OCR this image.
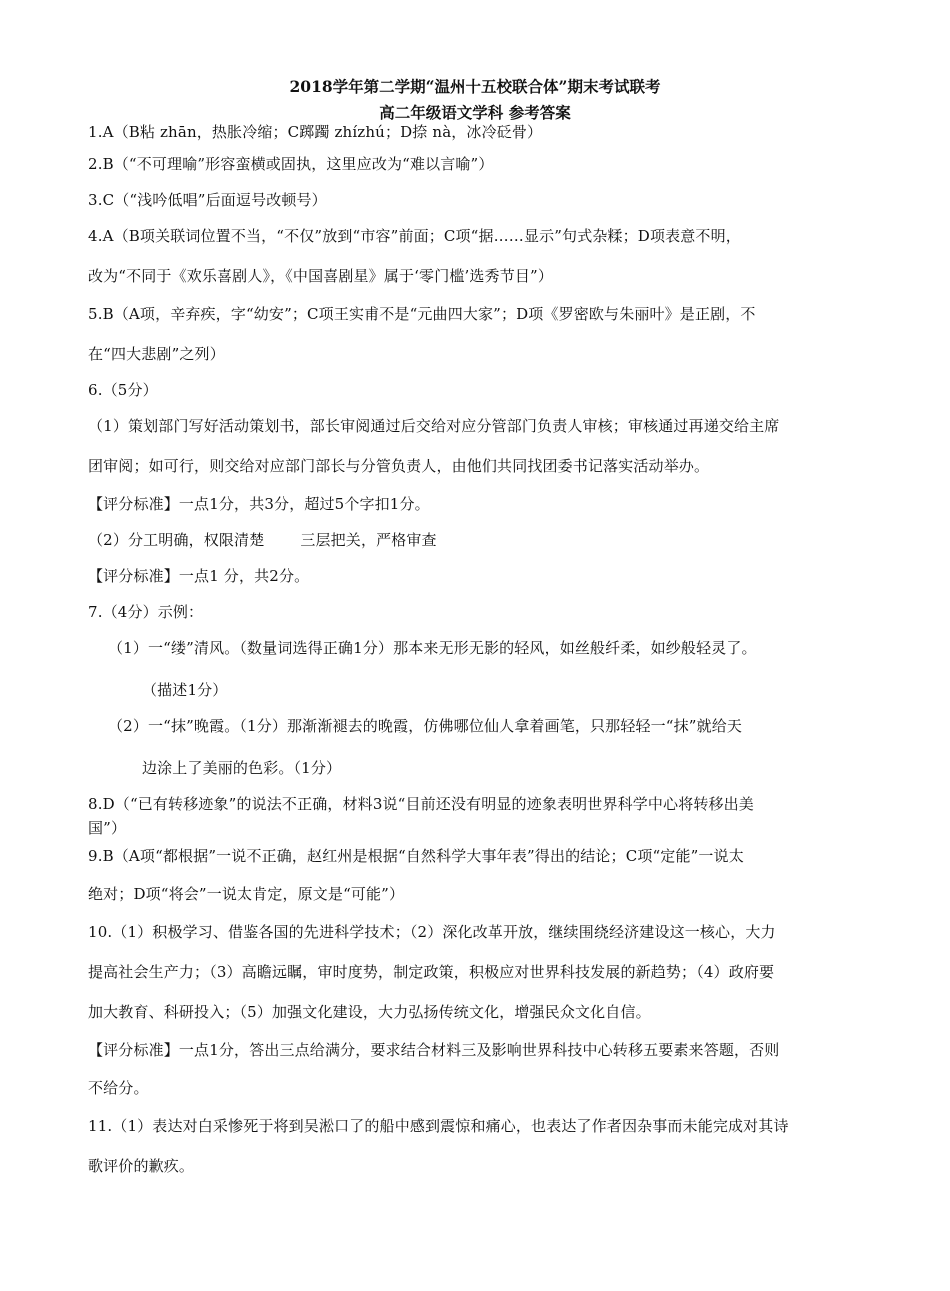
2018学年第二学期“温州十五校联合体”期末考试联考
高二年级语文学科 参考答案
1.A（B粘 zhān，热胀冷缩；C踯躅 zhízhú；D捺 nà，冰冷砭骨）
2.B（“不可理喻”形容蛮横或固执，这里应改为“难以言喻”）
3.C（“浅吟低唱”后面逗号改顿号）
4.A（B项关联词位置不当，“不仅”放到“市容”前面；C项“据……显示”句式杂糅；D项表意不明，
改为“不同于《欢乐喜剧人》，《中国喜剧星》属于‘零门槛’选秀节目”）
5.B（A项，辛弃疾，字“幼安”；C项王实甫不是“元曲四大家”；D项《罗密欧与朱丽叶》是正剧，不
在“四大悲剧”之列）
6.（5分）
（1）策划部门写好活动策划书，部长审阅通过后交给对应分管部门负责人审核；审核通过再递交给主席
团审阅；如可行，则交给对应部门部长与分管负责人，由他们共同找团委书记落实活动举办。
【评分标准】一点1分，共3分，超过5个字扣1分。
（2）分工明确，权限清楚 三层把关，严格审查
【评分标准】一点1 分，共2分。
7.（4分）示例：
（1）一“缕”清风。（数量词选得正确1分）那本来无形无影的轻风，如丝般纤柔，如纱般轻灵了。
（描述1分）
（2）一“抹”晚霞。（1分）那渐渐褪去的晚霞，仿佛哪位仙人拿着画笔，只那轻轻一“抹”就给天
边涂上了美丽的色彩。（1分）
8.D（“已有转移迹象”的说法不正确，材料3说“目前还没有明显的迹象表明世界科学中心将转移出美
国”）
9.B（A项“都根据”一说不正确，赵红州是根据“自然科学大事年表”得出的结论；C项“定能”一说太
绝对；D项“将会”一说太肯定，原文是“可能”）
10.（1）积极学习、借鉴各国的先进科学技术；（2）深化改革开放，继续围绕经济建设这一核心，大力
提高社会生产力；（3）高瞻远瞩，审时度势，制定政策，积极应对世界科技发展的新趋势；（4）政府要
加大教育、科研投入；（5）加强文化建设，大力弘扬传统文化，增强民众文化自信。
【评分标准】一点1分，答出三点给满分，要求结合材料三及影响世界科技中心转移五要素来答题，否则
不给分。
11.（1）表达对白采惨死于将到吴淞口了的船中感到震惊和痛心，也表达了作者因杂事而未能完成对其诗
歌评价的歉疚。
